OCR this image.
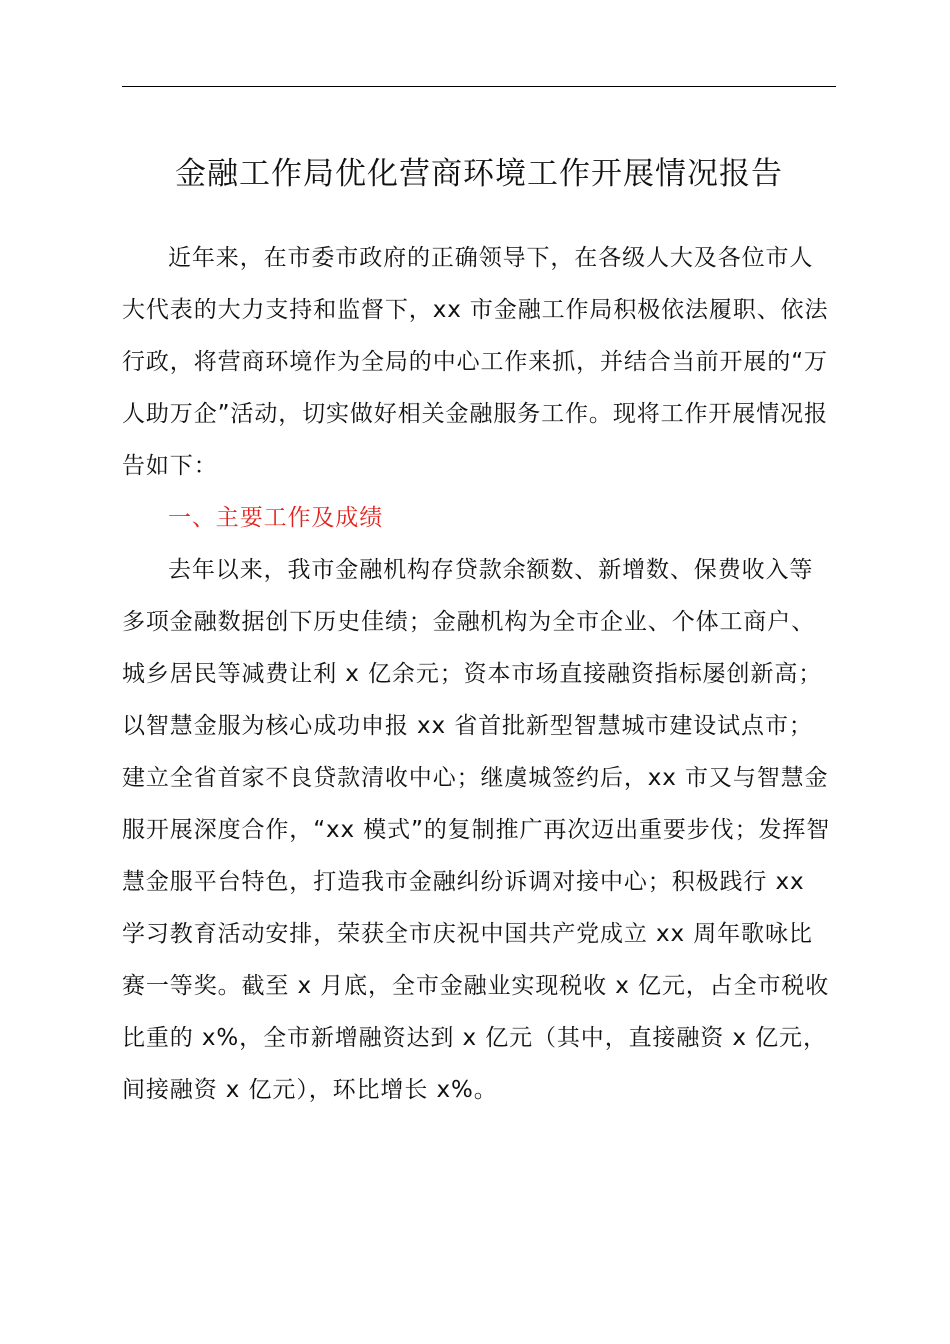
金融工作局优化营商环境工作开展情况报告

近年来，在市委市政府的正确领导下，在各级人大及各位市人大代表的大力支持和监督下，xx 市金融工作局积极依法履职、依法行政，将营商环境作为全局的中心工作来抓，并结合当前开展的“万人助万企”活动，切实做好相关金融服务工作。现将工作开展情况报告如下：

一、主要工作及成绩

去年以来，我市金融机构存贷款余额数、新增数、保费收入等多项金融数据创下历史佳绩；金融机构为全市企业、个体工商户、城乡居民等减费让利 x 亿余元；资本市场直接融资指标屡创新高；以智慧金服为核心成功申报 xx 省首批新型智慧城市建设试点市；建立全省首家不良贷款清收中心；继虞城签约后，xx 市又与智慧金服开展深度合作，“xx 模式”的复制推广再次迈出重要步伐；发挥智慧金服平台特色，打造我市金融纠纷诉调对接中心；积极践行 xx 学习教育活动安排，荣获全市庆祝中国共产党成立 xx 周年歌咏比赛一等奖。截至 x 月底，全市金融业实现税收 x 亿元，占全市税收比重的 x%，全市新增融资达到 x 亿元（其中，直接融资 x 亿元，间接融资 x 亿元），环比增长 x%。
